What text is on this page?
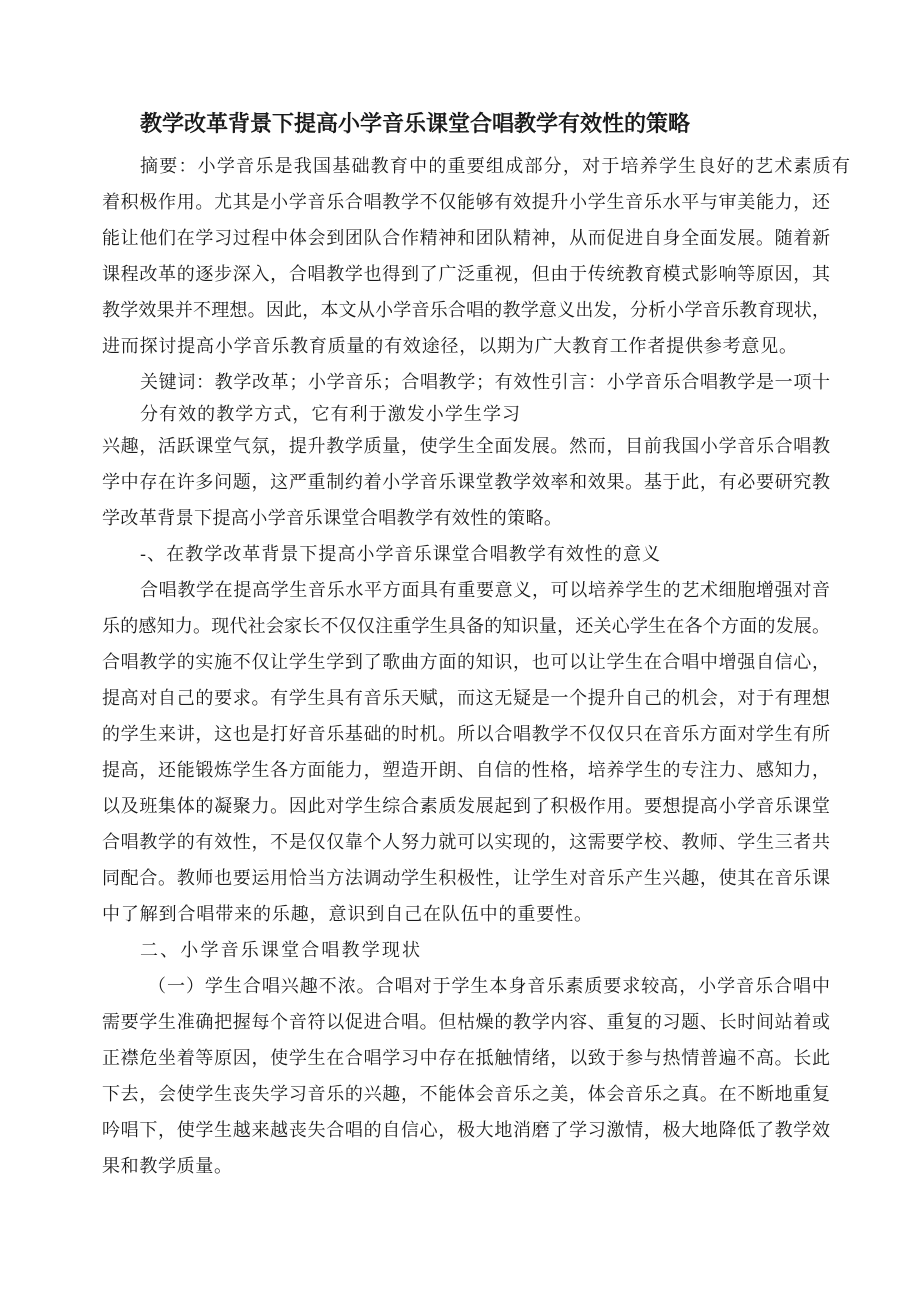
教学改革背景下提高小学音乐课堂合唱教学有效性的策略
摘要：小学音乐是我国基础教育中的重要组成部分，对于培养学生良好的艺术素质有
着积极作用。尤其是小学音乐合唱教学不仅能够有效提升小学生音乐水平与审美能力，还
能让他们在学习过程中体会到团队合作精神和团队精神，从而促进自身全面发展。随着新
课程改革的逐步深入，合唱教学也得到了广泛重视，但由于传统教育模式影响等原因，其
教学效果并不理想。因此，本文从小学音乐合唱的教学意义出发，分析小学音乐教育现状，
进而探讨提高小学音乐教育质量的有效途径，以期为广大教育工作者提供参考意见。
关键词：教学改革；小学音乐；合唱教学；有效性引言：小学音乐合唱教学是一项十
分有效的教学方式，它有利于激发小学生学习
兴趣，活跃课堂气氛，提升教学质量，使学生全面发展。然而，目前我国小学音乐合唱教
学中存在许多问题，这严重制约着小学音乐课堂教学效率和效果。基于此，有必要研究教
学改革背景下提高小学音乐课堂合唱教学有效性的策略。
-、在教学改革背景下提高小学音乐课堂合唱教学有效性的意义
合唱教学在提高学生音乐水平方面具有重要意义，可以培养学生的艺术细胞增强对音
乐的感知力。现代社会家长不仅仅注重学生具备的知识量，还关心学生在各个方面的发展。
合唱教学的实施不仅让学生学到了歌曲方面的知识，也可以让学生在合唱中增强自信心，
提高对自己的要求。有学生具有音乐天赋，而这无疑是一个提升自己的机会，对于有理想
的学生来讲，这也是打好音乐基础的时机。所以合唱教学不仅仅只在音乐方面对学生有所
提高，还能锻炼学生各方面能力，塑造开朗、自信的性格，培养学生的专注力、感知力，
以及班集体的凝聚力。因此对学生综合素质发展起到了积极作用。要想提高小学音乐课堂
合唱教学的有效性，不是仅仅靠个人努力就可以实现的，这需要学校、教师、学生三者共
同配合。教师也要运用恰当方法调动学生积极性，让学生对音乐产生兴趣，使其在音乐课
中了解到合唱带来的乐趣，意识到自己在队伍中的重要性。
二、小学音乐课堂合唱教学现状
（一）学生合唱兴趣不浓。合唱对于学生本身音乐素质要求较高，小学音乐合唱中
需要学生准确把握每个音符以促进合唱。但枯燥的教学内容、重复的习题、长时间站着或
正襟危坐着等原因，使学生在合唱学习中存在抵触情绪，以致于参与热情普遍不高。长此
下去，会使学生丧失学习音乐的兴趣，不能体会音乐之美，体会音乐之真。在不断地重复
吟唱下，使学生越来越丧失合唱的自信心，极大地消磨了学习激情，极大地降低了教学效
果和教学质量。
